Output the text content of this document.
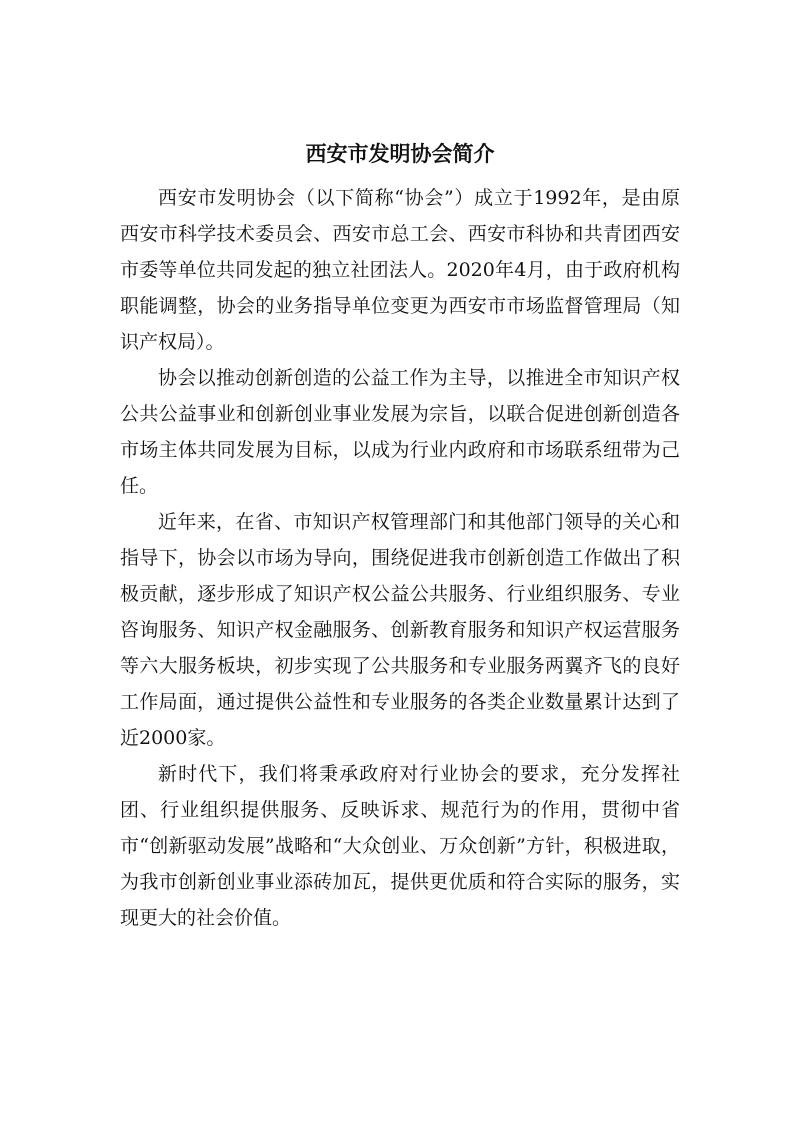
西安市发明协会简介

西安市发明协会（以下简称“协会”）成立于1992年，是由原西安市科学技术委员会、西安市总工会、西安市科协和共青团西安市委等单位共同发起的独立社团法人。2020年4月，由于政府机构职能调整，协会的业务指导单位变更为西安市市场监督管理局（知识产权局）。

协会以推动创新创造的公益工作为主导，以推进全市知识产权公共公益事业和创新创业事业发展为宗旨，以联合促进创新创造各市场主体共同发展为目标，以成为行业内政府和市场联系纽带为己任。

近年来，在省、市知识产权管理部门和其他部门领导的关心和指导下，协会以市场为导向，围绕促进我市创新创造工作做出了积极贡献，逐步形成了知识产权公益公共服务、行业组织服务、专业咨询服务、知识产权金融服务、创新教育服务和知识产权运营服务等六大服务板块，初步实现了公共服务和专业服务两翼齐飞的良好工作局面，通过提供公益性和专业服务的各类企业数量累计达到了近2000家。

新时代下，我们将秉承政府对行业协会的要求，充分发挥社团、行业组织提供服务、反映诉求、规范行为的作用，贯彻中省市“创新驱动发展”战略和“大众创业、万众创新”方针，积极进取，为我市创新创业事业添砖加瓦，提供更优质和符合实际的服务，实现更大的社会价值。
